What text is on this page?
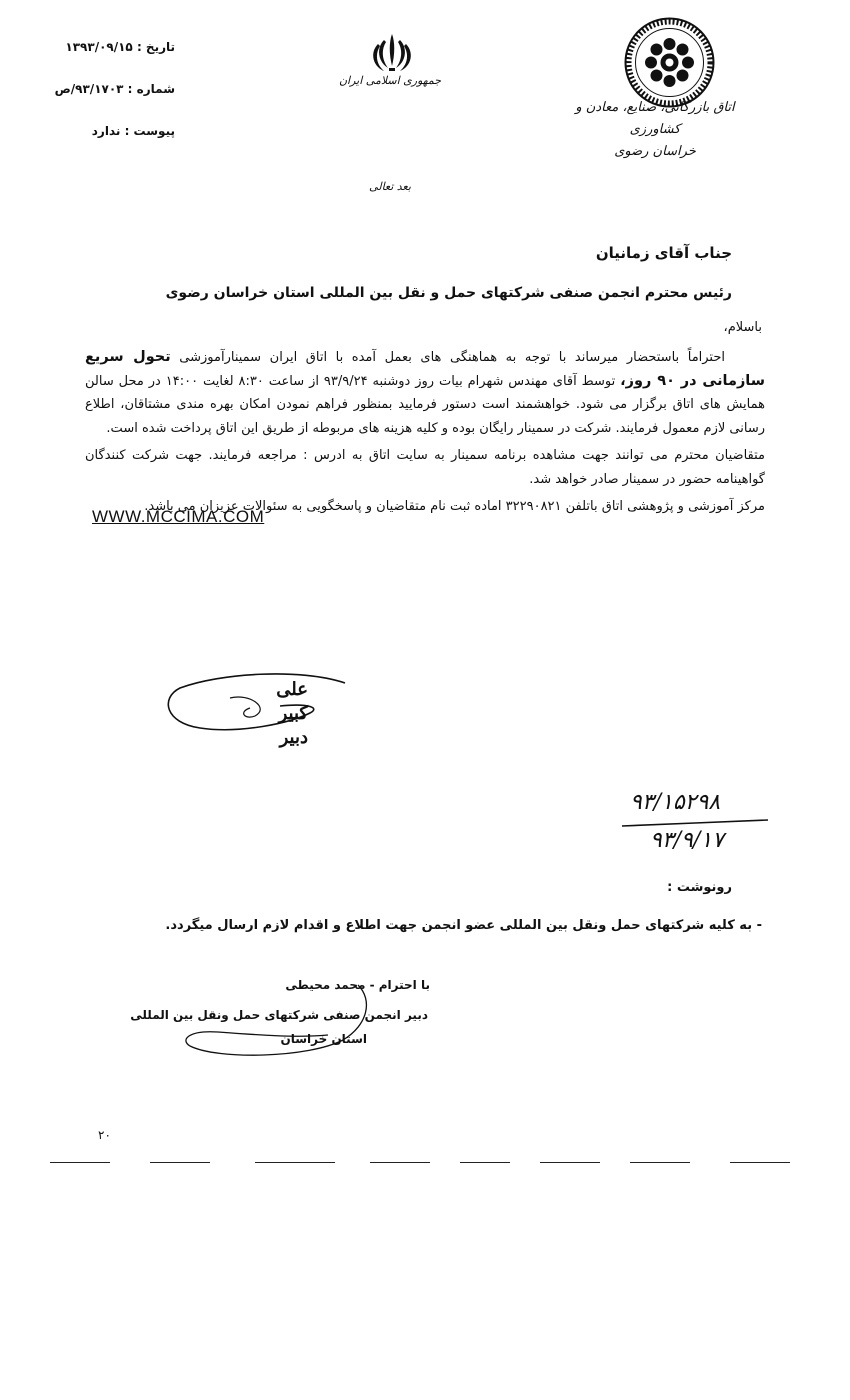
تاریخ : ۱۳۹۳/۰۹/۱۵
شماره : ۹۳/۱۷۰۳/ص
پیوست : ندارد
جمهوری اسلامی ایران
اتاق بازرگانی، صنایع، معادن و کشاورزی
خراسان رضوی
بعد تعالی
جناب آقای زمانیان
رئیس محترم انجمن صنفی شرکتهای حمل و نقل بین المللی استان خراسان رضوی
باسلام،

احتراماً باستحضار میرساند با توجه به هماهنگی های بعمل آمده با اتاق ایران سمینارآموزشی تحول سریع سازمانی در ۹۰ روز، توسط آقای مهندس شهرام بیات روز دوشنبه ۹۳/۹/۲۴ از ساعت ۸:۳۰ لغایت ۱۴:۰۰ در محل سالن همایش های اتاق برگزار می شود. خواهشمند است دستور فرمایید بمنظور فراهم نمودن امکان بهره مندی مشتاقان، اطلاع رسانی لازم معمول فرمایند. شرکت در سمینار رایگان بوده و کلیه هزینه های مربوطه از طریق این اتاق پرداخت شده است.

متقاضیان محترم می توانند جهت مشاهده برنامه سمینار به سایت اتاق به ادرس : مراجعه فرمایند. جهت شرکت کنندگان گواهینامه حضور در سمینار صادر خواهد شد.

مرکز آموزشی و پژوهشی اتاق باتلفن ۳۲۲۹۰۸۲۱ اماده ثبت نام متقاضیان و پاسخگویی به سئوالات عزیزان می باشد.

WWW.MCCIMA.COM
علی کبیر
دبیر
۹۳/۱۵۲۹۸
۹۳/۹/۱۷
رونوشت :
- به کلیه شرکتهای حمل ونقل بین المللی عضو انجمن جهت اطلاع و اقدام لازم ارسال میگردد.
با احترام - محمد محیطی
دبیر انجمن صنفی شرکتهای حمل ونقل بین المللی
استان خراسان
۲۰
